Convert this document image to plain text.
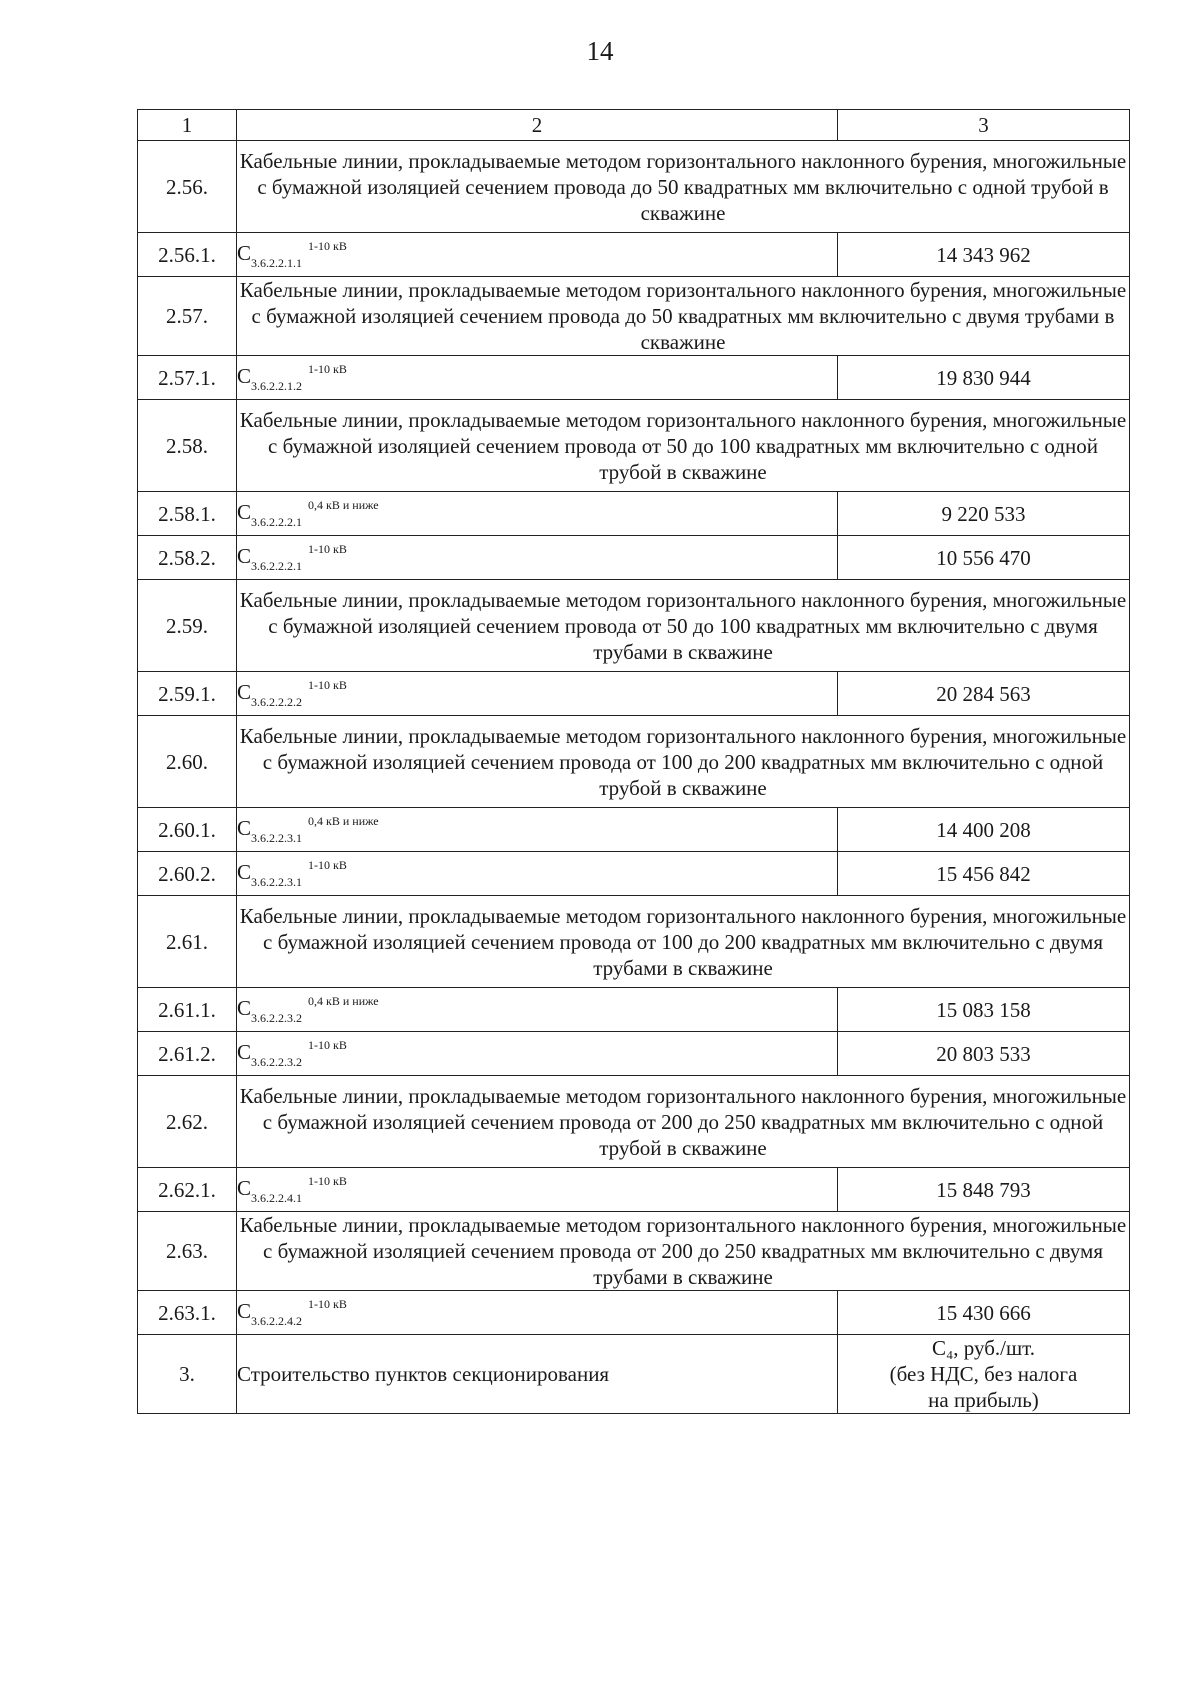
14
1	2	3
2.56.	Кабельные линии, прокладываемые методом горизонтального наклонного бурения, многожильные с бумажной изоляцией сечением провода до 50 квадратных мм включительно с одной трубой в скважине	
2.56.1.	$С_{3.6.2.2.1.1}^{1-10 кВ}$	14 343 962
2.57.	Кабельные линии, прокладываемые методом горизонтального наклонного бурения, многожильные с бумажной изоляцией сечением провода до 50 квадратных мм включительно с двумя трубами в скважине	
2.57.1.	$С_{3.6.2.2.1.2}^{1-10 кВ}$	19 830 944
2.58.	Кабельные линии, прокладываемые методом горизонтального наклонного бурения, многожильные с бумажной изоляцией сечением провода от 50 до 100 квадратных мм включительно с одной трубой в скважине	
2.58.1.	$С_{3.6.2.2.2.1}^{0,4 кВ и ниже}$	9 220 533
2.58.2.	$С_{3.6.2.2.2.1}^{1-10 кВ}$	10 556 470
2.59.	Кабельные линии, прокладываемые методом горизонтального наклонного бурения, многожильные с бумажной изоляцией сечением провода от 50 до 100 квадратных мм включительно с двумя трубами в скважине	
2.59.1.	$С_{3.6.2.2.2.2}^{1-10 кВ}$	20 284 563
2.60.	Кабельные линии, прокладываемые методом горизонтального наклонного бурения, многожильные с бумажной изоляцией сечением провода от 100 до 200 квадратных мм включительно с одной трубой в скважине	
2.60.1.	$С_{3.6.2.2.3.1}^{0,4 кВ и ниже}$	14 400 208
2.60.2.	$С_{3.6.2.2.3.1}^{1-10 кВ}$	15 456 842
2.61.	Кабельные линии, прокладываемые методом горизонтального наклонного бурения, многожильные с бумажной изоляцией сечением провода от 100 до 200 квадратных мм включительно с двумя трубами в скважине	
2.61.1.	$С_{3.6.2.2.3.2}^{0,4 кВ и ниже}$	15 083 158
2.61.2.	$С_{3.6.2.2.3.2}^{1-10 кВ}$	20 803 533
2.62.	Кабельные линии, прокладываемые методом горизонтального наклонного бурения, многожильные с бумажной изоляцией сечением провода от 200 до 250 квадратных мм включительно с одной трубой в скважине	
2.62.1.	$С_{3.6.2.2.4.1}^{1-10 кВ}$	15 848 793
2.63.	Кабельные линии, прокладываемые методом горизонтального наклонного бурения, многожильные с бумажной изоляцией сечением провода от 200 до 250 квадратных мм включительно с двумя трубами в скважине	
2.63.1.	$С_{3.6.2.2.4.2}^{1-10 кВ}$	15 430 666
3.	Строительство пунктов секционирования	С₄, руб./шт.
(без НДС, без налога
на прибыль)
